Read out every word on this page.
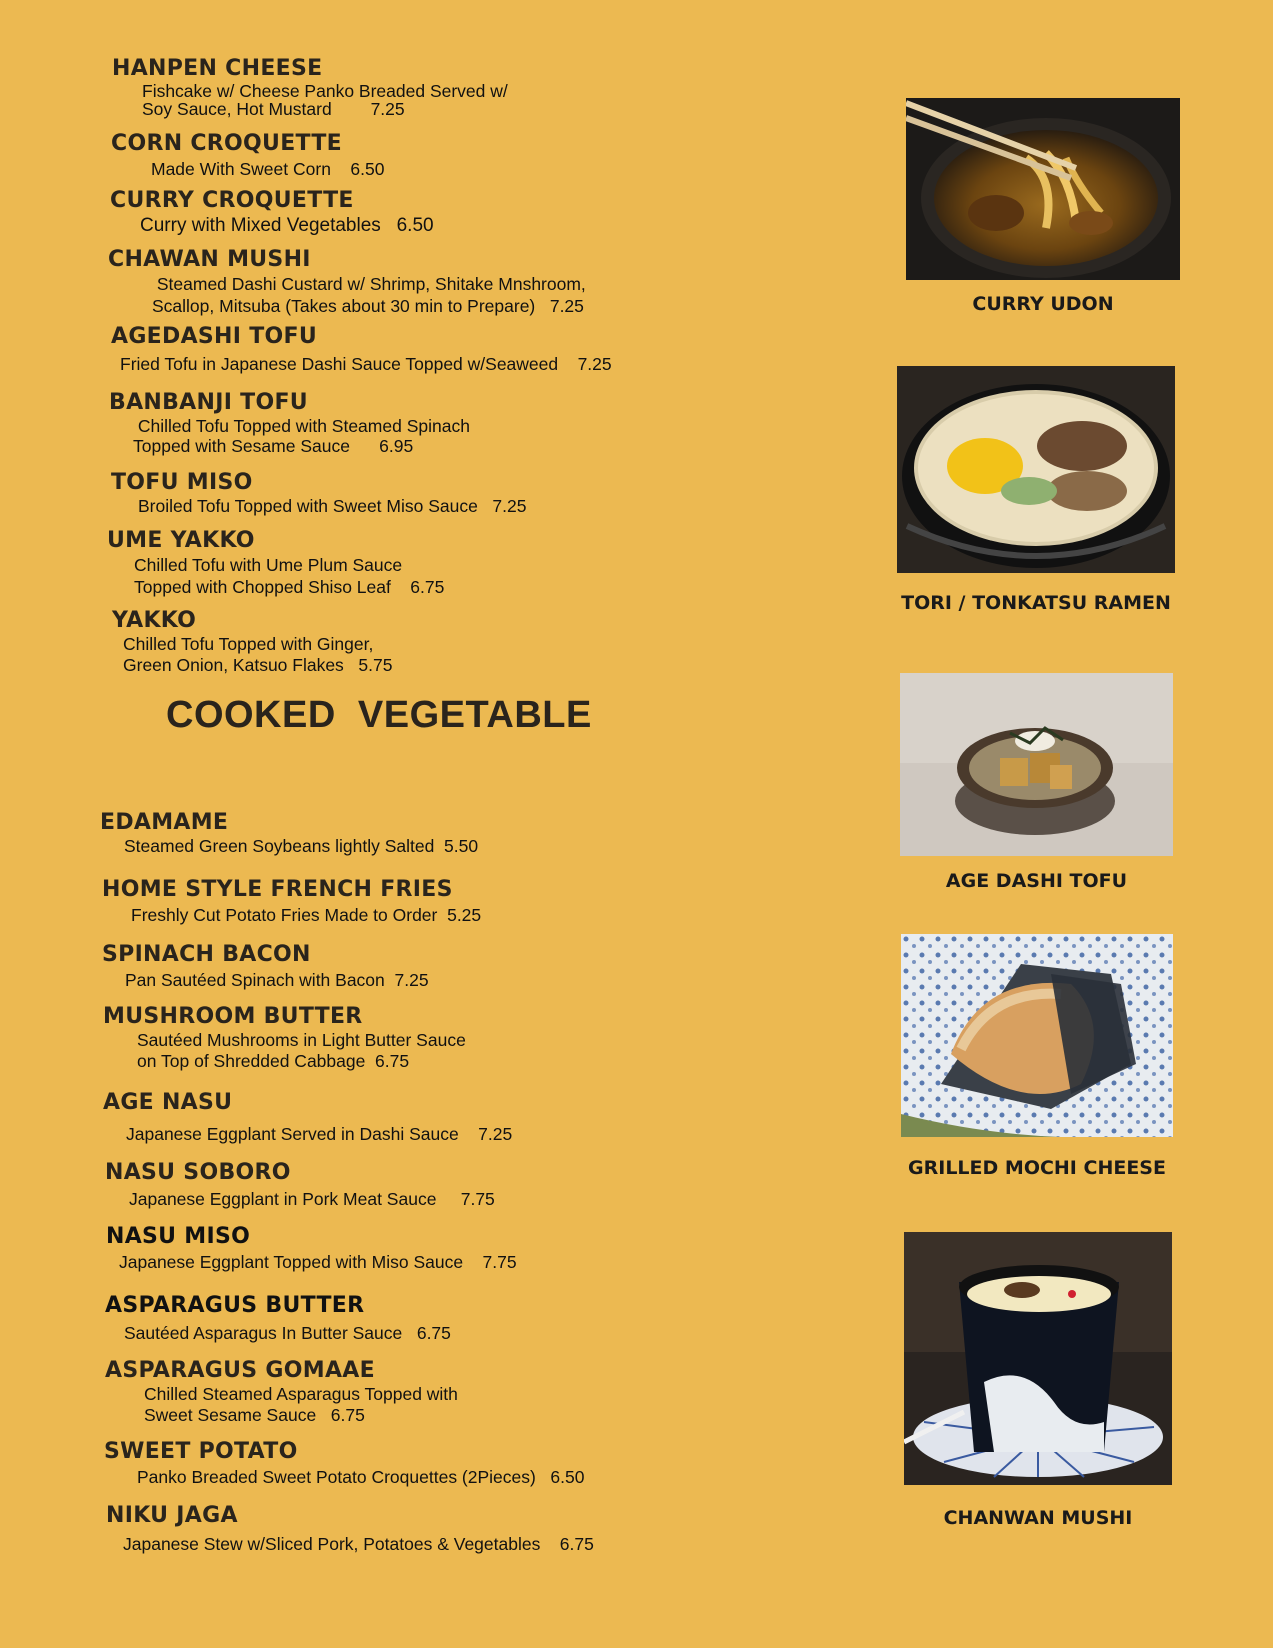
HANPEN CHEESE
Fishcake w/ Cheese Panko Breaded Served w/
Soy Sauce, Hot Mustard        7.25
CORN CROQUETTE
Made With Sweet Corn    6.50
CURRY CROQUETTE
Curry with Mixed Vegetables   6.50
CHAWAN MUSHI
Steamed Dashi Custard w/ Shrimp, Shitake Mnshroom,
Scallop, Mitsuba (Takes about 30 min to Prepare)   7.25
AGEDASHI TOFU
Fried Tofu in Japanese Dashi Sauce Topped w/Seaweed    7.25
BANBANJI TOFU
Chilled Tofu Topped with Steamed Spinach
Topped with Sesame Sauce      6.95
TOFU MISO
Broiled Tofu Topped with Sweet Miso Sauce   7.25
UME YAKKO
Chilled Tofu with Ume Plum Sauce
Topped with Chopped Shiso Leaf    6.75
YAKKO
Chilled Tofu Topped with Ginger,
Green Onion, Katsuo Flakes   5.75
COOKED  VEGETABLE
EDAMAME
Steamed Green Soybeans lightly Salted  5.50
HOME STYLE FRENCH FRIES
Freshly Cut Potato Fries Made to Order  5.25
SPINACH BACON
Pan Sautéed Spinach with Bacon  7.25
MUSHROOM BUTTER
Sautéed Mushrooms in Light Butter Sauce
on Top of Shredded Cabbage  6.75
AGE NASU
Japanese Eggplant Served in Dashi Sauce    7.25
NASU SOBORO
Japanese Eggplant in Pork Meat Sauce     7.75
NASU MISO
Japanese Eggplant Topped with Miso Sauce    7.75
ASPARAGUS BUTTER
Sautéed Asparagus In Butter Sauce   6.75
ASPARAGUS GOMAAE
Chilled Steamed Asparagus Topped with
Sweet Sesame Sauce   6.75
SWEET POTATO
Panko Breaded Sweet Potato Croquettes (2Pieces)   6.50
NIKU JAGA
Japanese Stew w/Sliced Pork, Potatoes & Vegetables    6.75
CURRY UDON
TORI / TONKATSU RAMEN
AGE DASHI TOFU
GRILLED MOCHI CHEESE
CHANWAN MUSHI
